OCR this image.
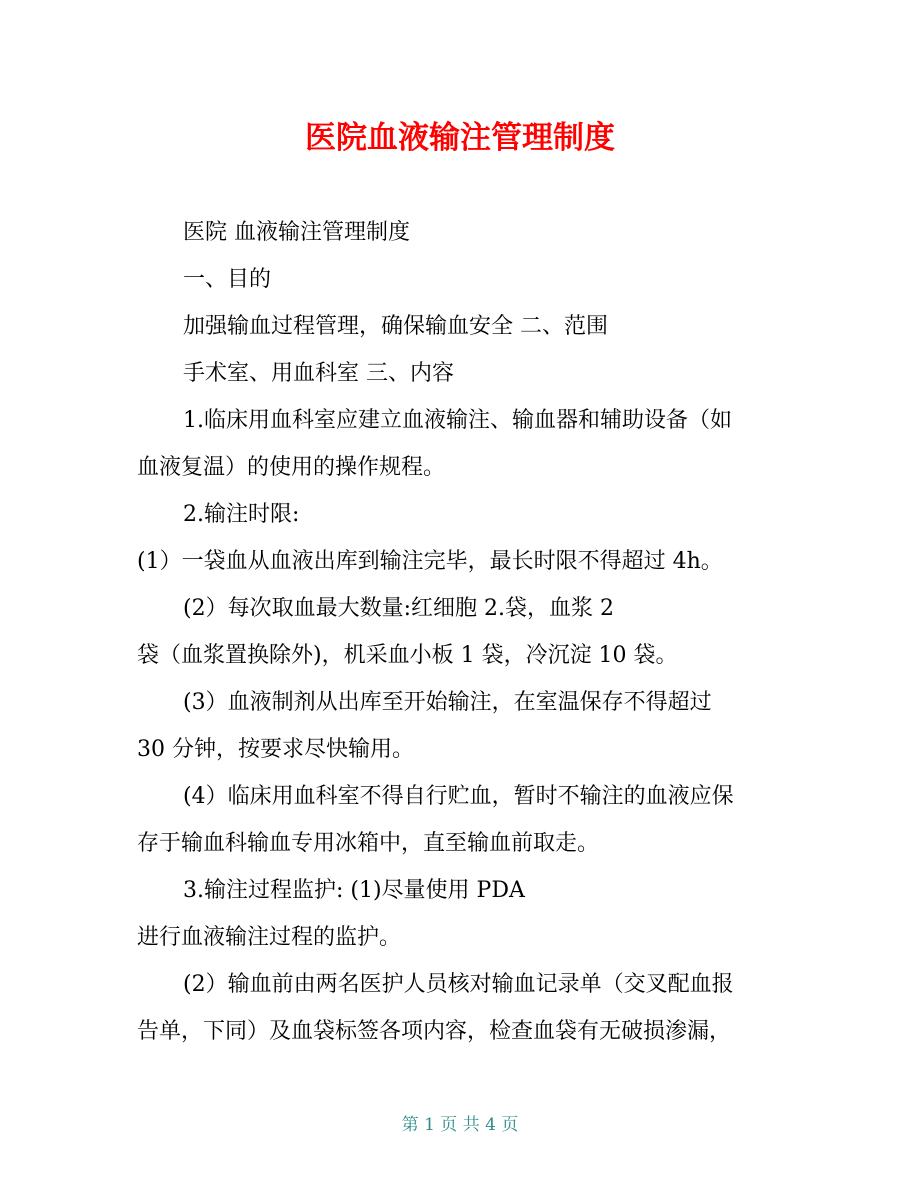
医院血液输注管理制度
医院 血液输注管理制度
一、目的
加强输血过程管理，确保输血安全 二、范围
手术室、用血科室 三、内容
1.临床用血科室应建立血液输注、输血器和辅助设备（如
血液复温）的使用的操作规程。
2.输注时限:
(1）一袋血从血液出库到输注完毕，最长时限不得超过 4h。
(2）每次取血最大数量:红细胞 2.袋，血浆 2
袋（血浆置换除外)，机采血小板 1 袋，冷沉淀 10 袋。
(3）血液制剂从出库至开始输注，在室温保存不得超过
30 分钟，按要求尽快输用。
(4）临床用血科室不得自行贮血，暂时不输注的血液应保
存于输血科输血专用冰箱中，直至输血前取走。
3.输注过程监护: (1)尽量使用 PDA
进行血液输注过程的监护。
(2）输血前由两名医护人员核对输血记录单（交叉配血报
告单，下同）及血袋标签各项内容，检查血袋有无破损渗漏，
第 1 页 共 4 页
